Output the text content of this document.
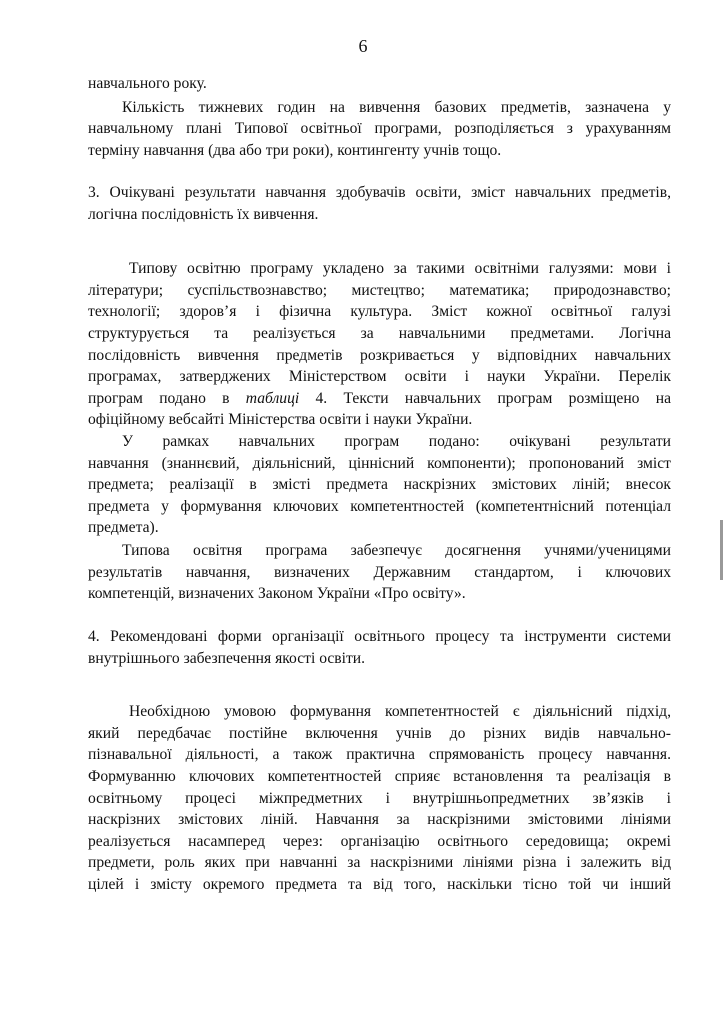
6
навчального року.
Кількість тижневих годин на вивчення базових предметів, зазначена у
навчальному плані Типової освітньої програми, розподіляється з урахуванням
терміну навчання (два або три роки), контингенту учнів тощо.
3. Очікувані результати навчання здобувачів освіти, зміст навчальних предметів,
логічна послідовність їх вивчення.
Типову освітню програму укладено за такими освітніми галузями: мови і
літератури; суспільствознавство; мистецтво; математика; природознавство;
технології; здоров’я і фізична культура. Зміст кожної освітньої галузі
структурується та реалізується за навчальними предметами. Логічна
послідовність вивчення предметів розкривається у відповідних навчальних
програмах, затверджених Міністерством освіти і науки України. Перелік
програм подано в таблиці 4. Тексти навчальних програм розміщено на
офіційному вебсайті Міністерства освіти і науки України.
У рамках навчальних програм подано: очікувані результати
навчання (знаннєвий, діяльнісний, ціннісний компоненти); пропонований зміст
предмета; реалізації в змісті предмета наскрізних змістових ліній; внесок
предмета у формування ключових компетентностей (компетентнісний потенціал
предмета).
Типова освітня програма забезпечує досягнення учнями/ученицями
результатів навчання, визначених Державним стандартом, і ключових
компетенцій, визначених Законом України «Про освіту».
4. Рекомендовані форми організації освітнього процесу та інструменти системи
внутрішнього забезпечення якості освіти.
Необхідною умовою формування компетентностей є діяльнісний підхід,
який передбачає постійне включення учнів до різних видів навчально-
пізнавальної діяльності, а також практична спрямованість процесу навчання.
Формуванню ключових компетентностей сприяє встановлення та реалізація в
освітньому процесі міжпредметних і внутрішньопредметних зв’язків і
наскрізних змістових ліній. Навчання за наскрізними змістовими лініями
реалізується насамперед через: організацію освітнього середовища; окремі
предмети, роль яких при навчанні за наскрізними лініями різна і залежить від
цілей і змісту окремого предмета та від того, наскільки тісно той чи інший
